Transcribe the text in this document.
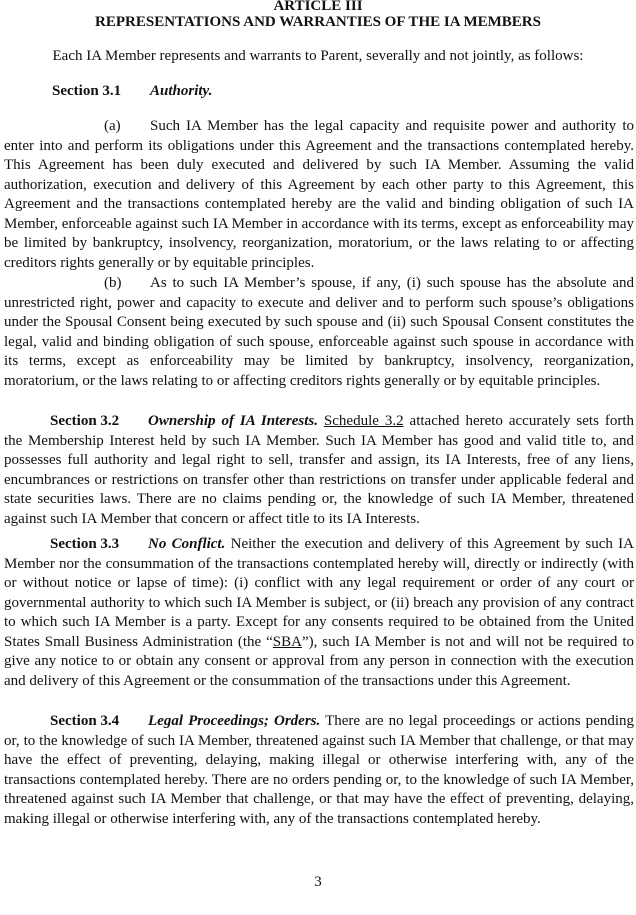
ARTICLE III
REPRESENTATIONS AND WARRANTIES OF THE IA MEMBERS
Each IA Member represents and warrants to Parent, severally and not jointly, as follows:
Section 3.1 Authority.

(a) Such IA Member has the legal capacity and requisite power and authority to enter into and perform its obligations under this Agreement and the transactions contemplated hereby. This Agreement has been duly executed and delivered by such IA Member. Assuming the valid authorization, execution and delivery of this Agreement by each other party to this Agreement, this Agreement and the transactions contemplated hereby are the valid and binding obligation of such IA Member, enforceable against such IA Member in accordance with its terms, except as enforceability may be limited by bankruptcy, insolvency, reorganization, moratorium, or the laws relating to or affecting creditors rights generally or by equitable principles.

(b) As to such IA Member’s spouse, if any, (i) such spouse has the absolute and unrestricted right, power and capacity to execute and deliver and to perform such spouse’s obligations under the Spousal Consent being executed by such spouse and (ii) such Spousal Consent constitutes the legal, valid and binding obligation of such spouse, enforceable against such spouse in accordance with its terms, except as enforceability may be limited by bankruptcy, insolvency, reorganization, moratorium, or the laws relating to or affecting creditors rights generally or by equitable principles.

Section 3.2 Ownership of IA Interests. Schedule 3.2 attached hereto accurately sets forth the Membership Interest held by such IA Member. Such IA Member has good and valid title to, and possesses full authority and legal right to sell, transfer and assign, its IA Interests, free of any liens, encumbrances or restrictions on transfer other than restrictions on transfer under applicable federal and state securities laws. There are no claims pending or, the knowledge of such IA Member, threatened against such IA Member that concern or affect title to its IA Interests.

Section 3.3 No Conflict. Neither the execution and delivery of this Agreement by such IA Member nor the consummation of the transactions contemplated hereby will, directly or indirectly (with or without notice or lapse of time): (i) conflict with any legal requirement or order of any court or governmental authority to which such IA Member is subject, or (ii) breach any provision of any contract to which such IA Member is a party. Except for any consents required to be obtained from the United States Small Business Administration (the “SBA”), such IA Member is not and will not be required to give any notice to or obtain any consent or approval from any person in connection with the execution and delivery of this Agreement or the consummation of the transactions under this Agreement.

Section 3.4 Legal Proceedings; Orders. There are no legal proceedings or actions pending or, to the knowledge of such IA Member, threatened against such IA Member that challenge, or that may have the effect of preventing, delaying, making illegal or otherwise interfering with, any of the transactions contemplated hereby. There are no orders pending or, to the knowledge of such IA Member, threatened against such IA Member that challenge, or that may have the effect of preventing, delaying, making illegal or otherwise interfering with, any of the transactions contemplated hereby.

3
